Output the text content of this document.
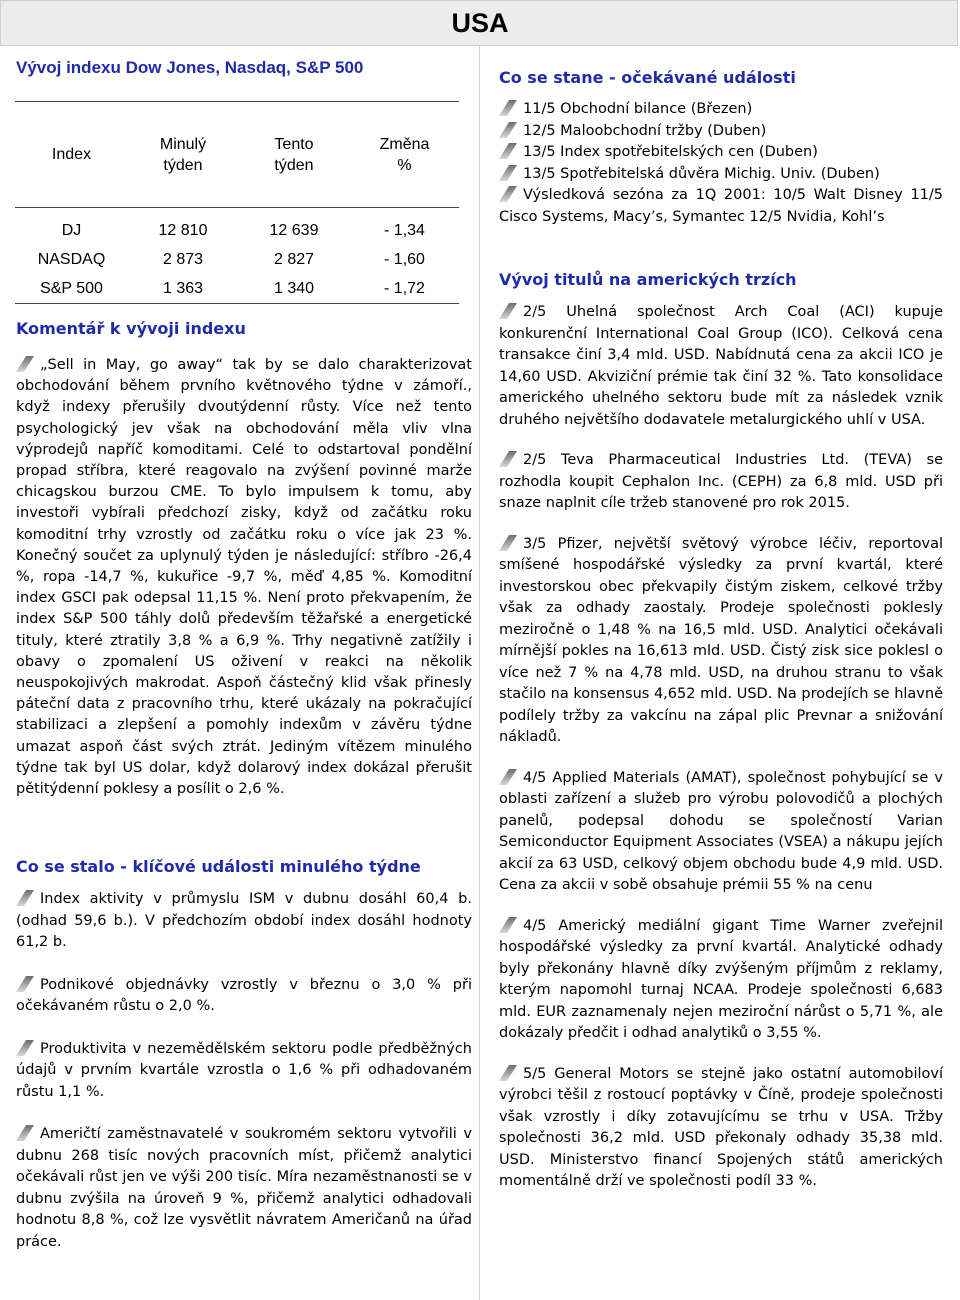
USA
Vývoj indexu Dow Jones, Nasdaq, S&P 500
Index	Minulý týden	Tento týden	Změna %

DJ	12 810	12 639	- 1,34
NASDAQ	2 873	2 827	- 1,60
S&P 500	1 363	1 340	- 1,72
Komentář k vývoji indexu

„Sell in May, go away“ tak by se dalo charakterizovat obchodování během prvního květnového týdne v zámoří., když indexy přerušily dvoutýdenní růsty. Více než tento psychologický jev však na obchodování měla vliv vlna výprodejů napříč komoditami. Celé to odstartoval pondělní propad stříbra, které reagovalo na zvýšení povinné marže chicagskou burzou CME. To bylo impulsem k tomu, aby investoři vybírali předchozí zisky, když od začátku roku komoditní trhy vzrostly od začátku roku o více jak 23 %. Konečný součet za uplynulý týden je následující: stříbro -26,4 %, ropa -14,7 %, kukuřice -9,7 %, měď 4,85 %. Komoditní index GSCI pak odepsal 11,15 %. Není proto překvapením, že index S&P 500 táhly dolů především těžařské a energetické tituly, které ztratily 3,8 % a 6,9 %. Trhy negativně zatížily i obavy o zpomalení US oživení v reakci na několik neuspokojivých makrodat. Aspoň částečný klid však přinesly páteční data z pracovního trhu, které ukázaly na pokračující stabilizaci a zlepšení a pomohly indexům v závěru týdne umazat aspoň část svých ztrát. Jediným vítězem minulého týdne tak byl US dolar, když dolarový index dokázal přerušit pětitýdenní poklesy a posílit o 2,6 %.

Co se stalo - klíčové události minulého týdne
Index aktivity v průmyslu ISM v dubnu dosáhl 60,4 b. (odhad 59,6 b.). V předchozím období index dosáhl hodnoty 61,2 b.
Podnikové objednávky vzrostly v březnu o 3,0 % při očekávaném růstu o 2,0 %.
Produktivita v nezemědělském sektoru podle předběžných údajů v prvním kvartále vzrostla o 1,6 % při odhadovaném růstu 1,1 %.
Američtí zaměstnavatelé v soukromém sektoru vytvořili v dubnu 268 tisíc nových pracovních míst, přičemž analytici očekávali růst jen ve výši 200 tisíc. Míra nezaměstnanosti se v dubnu zvýšila na úroveň 9 %, přičemž analytici odhadovali hodnotu 8,8 %, což lze vysvětlit návratem Američanů na úřad práce.
Co se stane - očekávané události
11/5 Obchodní bilance (Březen)
12/5 Maloobchodní tržby (Duben)
13/5 Index spotřebitelských cen (Duben)
13/5 Spotřebitelská důvěra Michig. Univ. (Duben)
Výsledková sezóna za 1Q 2001: 10/5 Walt Disney 11/5 Cisco Systems, Macy’s, Symantec 12/5 Nvidia, Kohl’s
Vývoj titulů na amerických trzích
2/5 Uhelná společnost Arch Coal (ACI) kupuje konkurenční International Coal Group (ICO). Celková cena transakce činí 3,4 mld. USD. Nabídnutá cena za akcii ICO je 14,60 USD. Akviziční prémie tak činí 32 %. Tato konsolidace amerického uhelného sektoru bude mít za následek vznik druhého největšího dodavatele metalurgického uhlí v USA.
2/5 Teva Pharmaceutical Industries Ltd. (TEVA) se rozhodla koupit Cephalon Inc. (CEPH) za 6,8 mld. USD při snaze naplnit cíle tržeb stanovené pro rok 2015.
3/5 Pfizer, největší světový výrobce léčiv, reportoval smíšené hospodářské výsledky za první kvartál, které investorskou obec překvapily čistým ziskem, celkové tržby však za odhady zaostaly. Prodeje společnosti poklesly meziročně o 1,48 % na 16,5 mld. USD. Analytici očekávali mírnější pokles na 16,613 mld. USD. Čistý zisk sice poklesl o více než 7 % na 4,78 mld. USD, na druhou stranu to však stačilo na konsensus 4,652 mld. USD. Na prodejích se hlavně podílely tržby za vakcínu na zápal plic Prevnar a snižování nákladů.
4/5 Applied Materials (AMAT), společnost pohybující se v oblasti zařízení a služeb pro výrobu polovodičů a plochých panelů, podepsal dohodu se společností Varian Semiconductor Equipment Associates (VSEA) a nákupu jejích akcií za 63 USD, celkový objem obchodu bude 4,9 mld. USD. Cena za akcii v sobě obsahuje prémii 55 % na cenu
4/5 Americký mediální gigant Time Warner zveřejnil hospodářské výsledky za první kvartál. Analytické odhady byly překonány hlavně díky zvýšeným příjmům z reklamy, kterým napomohl turnaj NCAA. Prodeje společnosti 6,683 mld. EUR zaznamenaly nejen meziroční nárůst o 5,71 %, ale dokázaly předčit i odhad analytiků o 3,55 %.
5/5 General Motors se stejně jako ostatní automobiloví výrobci těšil z rostoucí poptávky v Číně, prodeje společnosti však vzrostly i díky zotavujícímu se trhu v USA. Tržby společnosti 36,2 mld. USD překonaly odhady 35,38 mld. USD. Ministerstvo financí Spojených států amerických momentálně drží ve společnosti podíl 33 %.
